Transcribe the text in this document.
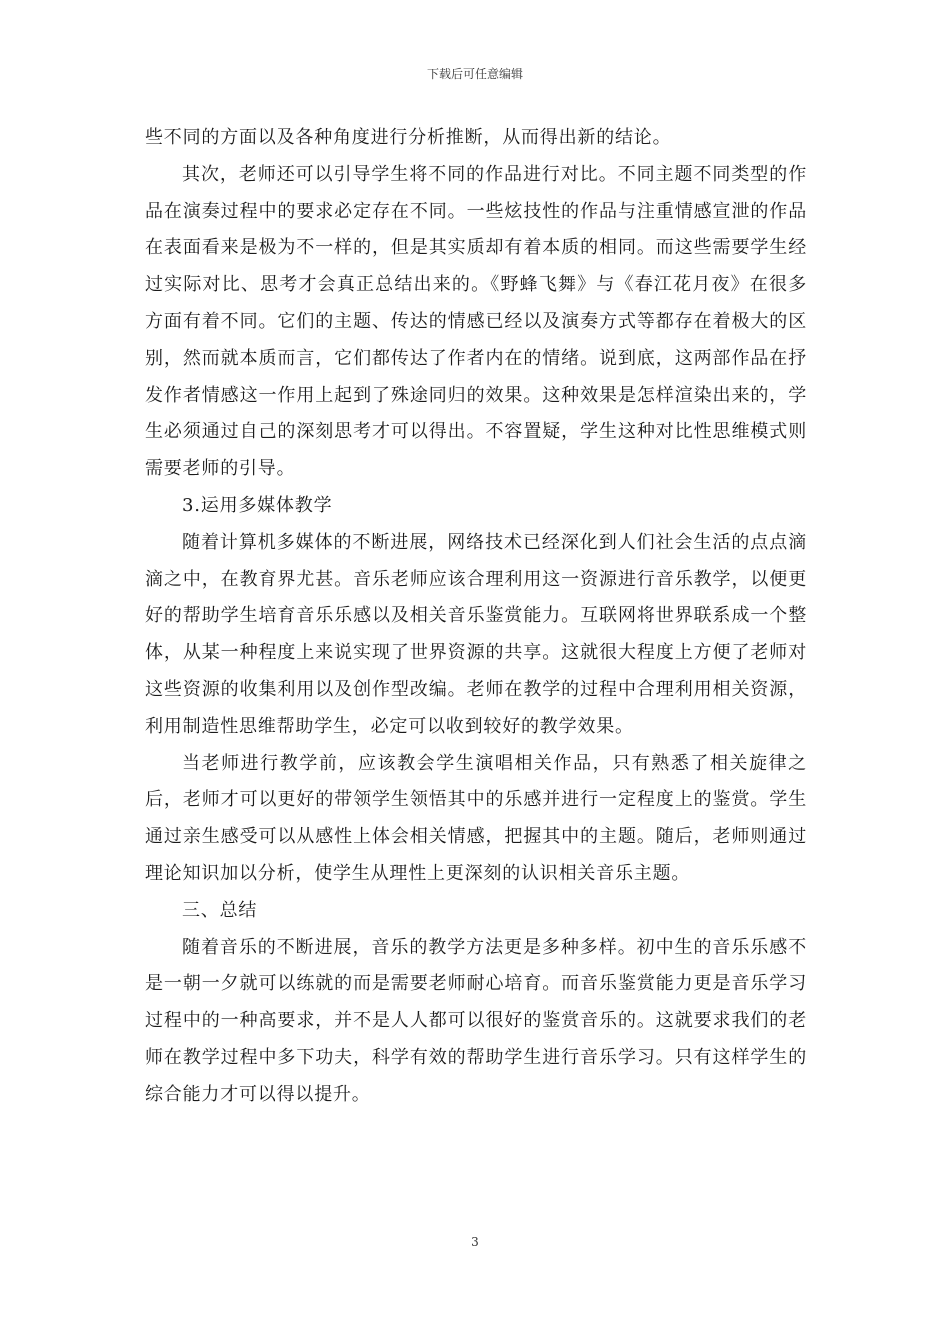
下载后可任意编辑

些不同的方面以及各种角度进行分析推断，从而得出新的结论。

其次，老师还可以引导学生将不同的作品进行对比。不同主题不同类型的作品在演奏过程中的要求必定存在不同。一些炫技性的作品与注重情感宣泄的作品在表面看来是极为不一样的，但是其实质却有着本质的相同。而这些需要学生经过实际对比、思考才会真正总结出来的。《野蜂飞舞》与《春江花月夜》在很多方面有着不同。它们的主题、传达的情感已经以及演奏方式等都存在着极大的区别，然而就本质而言，它们都传达了作者内在的情绪。说到底，这两部作品在抒发作者情感这一作用上起到了殊途同归的效果。这种效果是怎样渲染出来的，学生必须通过自己的深刻思考才可以得出。不容置疑，学生这种对比性思维模式则需要老师的引导。

3.运用多媒体教学

随着计算机多媒体的不断进展，网络技术已经深化到人们社会生活的点点滴滴之中，在教育界尤甚。音乐老师应该合理利用这一资源进行音乐教学，以便更好的帮助学生培育音乐乐感以及相关音乐鉴赏能力。互联网将世界联系成一个整体，从某一种程度上来说实现了世界资源的共享。这就很大程度上方便了老师对这些资源的收集利用以及创作型改编。老师在教学的过程中合理利用相关资源，利用制造性思维帮助学生，必定可以收到较好的教学效果。

当老师进行教学前，应该教会学生演唱相关作品，只有熟悉了相关旋律之后，老师才可以更好的带领学生领悟其中的乐感并进行一定程度上的鉴赏。学生通过亲生感受可以从感性上体会相关情感，把握其中的主题。随后，老师则通过理论知识加以分析，使学生从理性上更深刻的认识相关音乐主题。

三、总结

随着音乐的不断进展，音乐的教学方法更是多种多样。初中生的音乐乐感不是一朝一夕就可以练就的而是需要老师耐心培育。而音乐鉴赏能力更是音乐学习过程中的一种高要求，并不是人人都可以很好的鉴赏音乐的。这就要求我们的老师在教学过程中多下功夫，科学有效的帮助学生进行音乐学习。只有这样学生的综合能力才可以得以提升。

3
